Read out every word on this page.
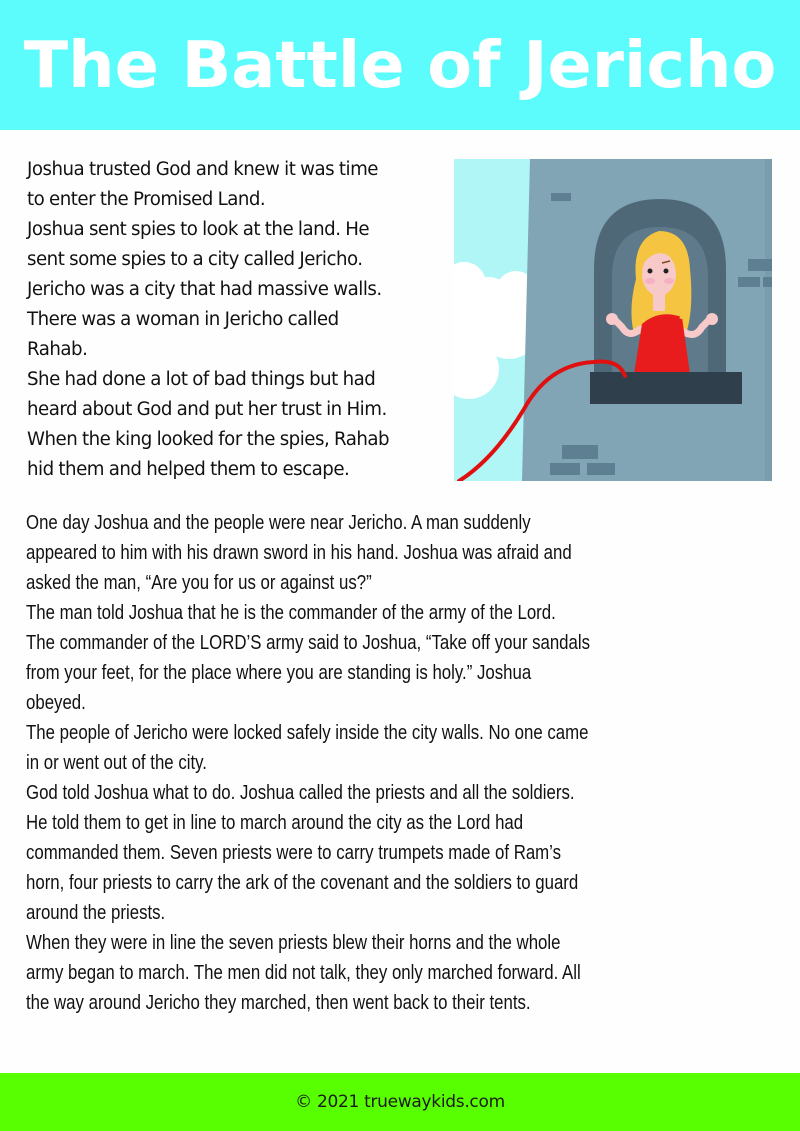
The Battle of Jericho
Joshua trusted God and knew it was time
to enter the Promised Land.
Joshua sent spies to look at the land. He
sent some spies to a city called Jericho.
Jericho was a city that had massive walls.
There was a woman in Jericho called
Rahab.
She had done a lot of bad things but had
heard about God and put her trust in Him.
When the king looked for the spies, Rahab
hid them and helped them to escape.
One day Joshua and the people were near Jericho. A man suddenly
appeared to him with his drawn sword in his hand. Joshua was afraid and
asked the man, “Are you for us or against us?”
The man told Joshua that he is the commander of the army of the Lord.
The commander of the LORD’S army said to Joshua, “Take off your sandals
from your feet, for the place where you are standing is holy.” Joshua
obeyed.
The people of Jericho were locked safely inside the city walls. No one came
in or went out of the city.
God told Joshua what to do. Joshua called the priests and all the soldiers.
He told them to get in line to march around the city as the Lord had
commanded them. Seven priests were to carry trumpets made of Ram’s
horn, four priests to carry the ark of the covenant and the soldiers to guard
around the priests.
When they were in line the seven priests blew their horns and the whole
army began to march. The men did not talk, they only marched forward. All
the way around Jericho they marched, then went back to their tents.
© 2021 truewaykids.com
